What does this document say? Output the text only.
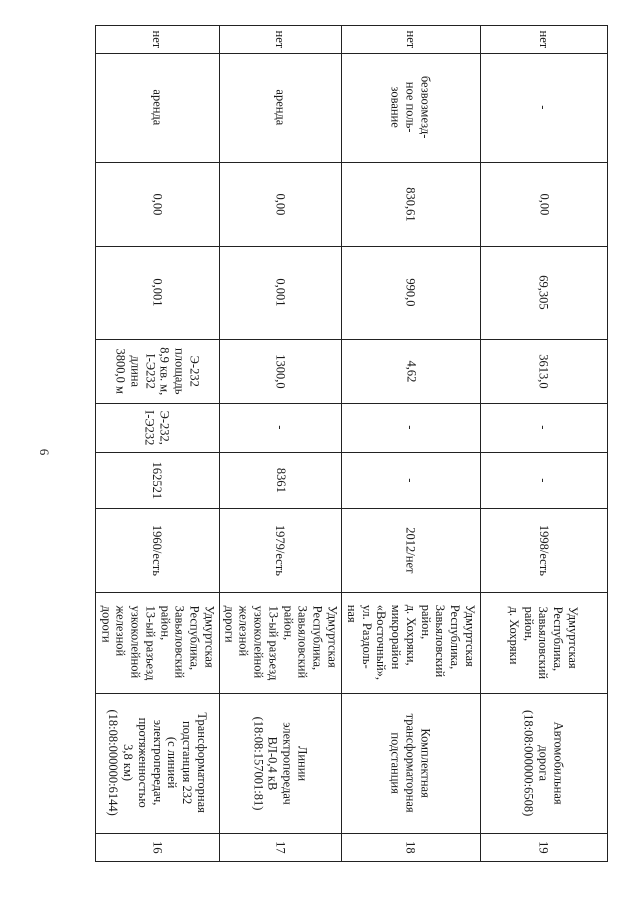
6
16
Трансформаторная
подстанция 232
(с линией
электропередач,
протяженностью
3,8 км)
(18:08:000000:6144)
Удмуртская
Республика,
Завьяловский
район,
13-ый разъезд
узкоколейной
железной
дороги
1960/есть
162521
Э-232,
I-Э232
Э-232
площадь
8,9 кв. м,
I-Э232
длина
3800,0 м
0,001
0,00
аренда
нет
17
Линии
электропередач
ВЛ-0,4 кВ
(18:08:157001:81)
Удмуртская
Республика,
Завьяловский
район,
13-ый разъезд
узкоколейной
железной
дороги
1979/есть
8361
-
1300,0
0,001
0,00
аренда
нет
18
Комплектная
трансформаторная
подстанция
Удмуртская
Республика,
Завьяловский
район,
д. Хохряки,
микрорайон
«Восточный»,
ул. Раздоль-
ная
2012/нет
-
-
4,62
990,0
830,61
безвозмезд-
ное поль-
зование
нет
19
Автомобильная
дорога
(18:08:000000:6508)
Удмуртская
Республика,
Завьяловский
район,
д. Хохряки
1998/есть
-
-
3613,0
69,305
0,00
-
нет
